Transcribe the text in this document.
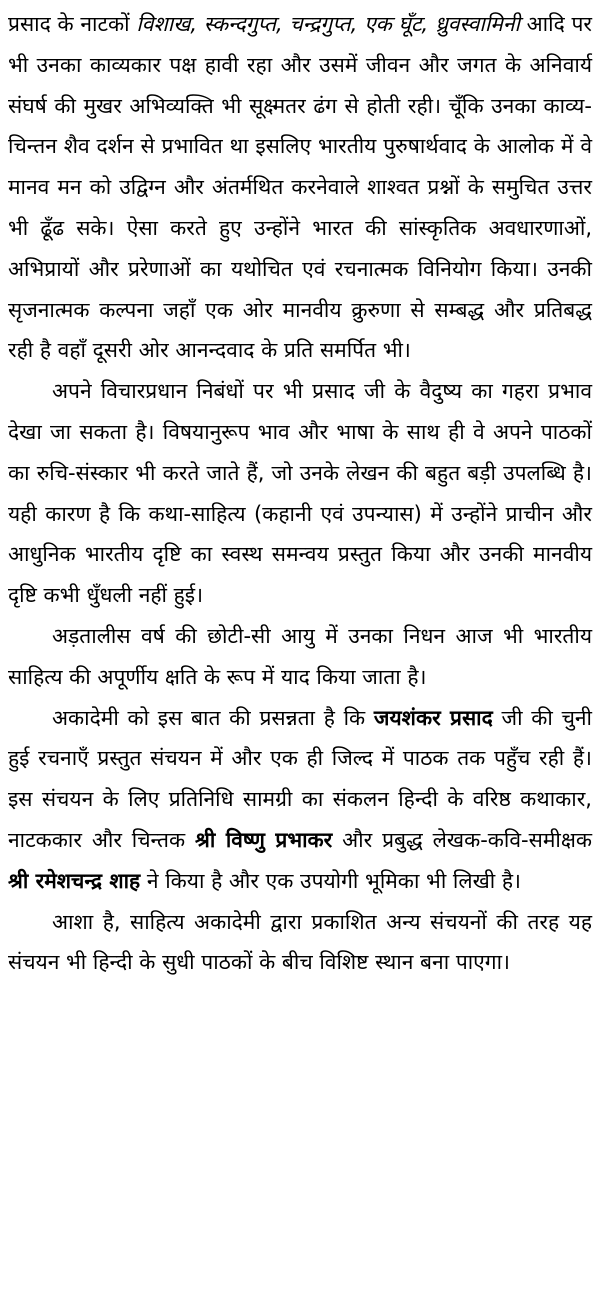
प्रसाद के नाटकों विशाख, स्कन्दगुप्त, चन्द्रगुप्त, एक घूँट, ध्रुवस्वामिनी आदि पर भी उनका काव्यकार पक्ष हावी रहा और उसमें जीवन और जगत के अनिवार्य संघर्ष की मुखर अभिव्यक्ति भी सूक्ष्मतर ढंग से होती रही। चूँकि उनका काव्य-चिन्तन शैव दर्शन से प्रभावित था इसलिए भारतीय पुरुषार्थवाद के आलोक में वे मानव मन को उद्विग्न और अंतर्मथित करनेवाले शाश्वत प्रश्नों के समुचित उत्तर भी ढूँढ सके। ऐसा करते हुए उन्होंने भारत की सांस्कृतिक अवधारणाओं, अभिप्रायों और प्ररेणाओं का यथोचित एवं रचनात्मक विनियोग किया। उनकी सृजनात्मक कल्पना जहाँ एक ओर मानवीय क्रुरुणा से सम्बद्ध और प्रतिबद्ध रही है वहाँ दूसरी ओर आनन्दवाद के प्रति समर्पित भी।

अपने विचारप्रधान निबंधों पर भी प्रसाद जी के वैदुष्य का गहरा प्रभाव देखा जा सकता है। विषयानुरूप भाव और भाषा के साथ ही वे अपने पाठकों का रुचि-संस्कार भी करते जाते हैं, जो उनके लेखन की बहुत बड़ी उपलब्धि है। यही कारण है कि कथा-साहित्य (कहानी एवं उपन्यास) में उन्होंने प्राचीन और आधुनिक भारतीय दृष्टि का स्वस्थ समन्वय प्रस्तुत किया और उनकी मानवीय दृष्टि कभी धुँधली नहीं हुई।

अड़तालीस वर्ष की छोटी-सी आयु में उनका निधन आज भी भारतीय साहित्य की अपूर्णीय क्षति के रूप में याद किया जाता है।

अकादेमी को इस बात की प्रसन्नता है कि जयशंकर प्रसाद जी की चुनी हुई रचनाएँ प्रस्तुत संचयन में और एक ही जिल्द में पाठक तक पहुँच रही हैं। इस संचयन के लिए प्रतिनिधि सामग्री का संकलन हिन्दी के वरिष्ठ कथाकार, नाटककार और चिन्तक श्री विष्णु प्रभाकर और प्रबुद्ध लेखक-कवि-समीक्षक श्री रमेशचन्द्र शाह ने किया है और एक उपयोगी भूमिका भी लिखी है।

आशा है, साहित्य अकादेमी द्वारा प्रकाशित अन्य संचयनों की तरह यह संचयन भी हिन्दी के सुधी पाठकों के बीच विशिष्ट स्थान बना पाएगा।
